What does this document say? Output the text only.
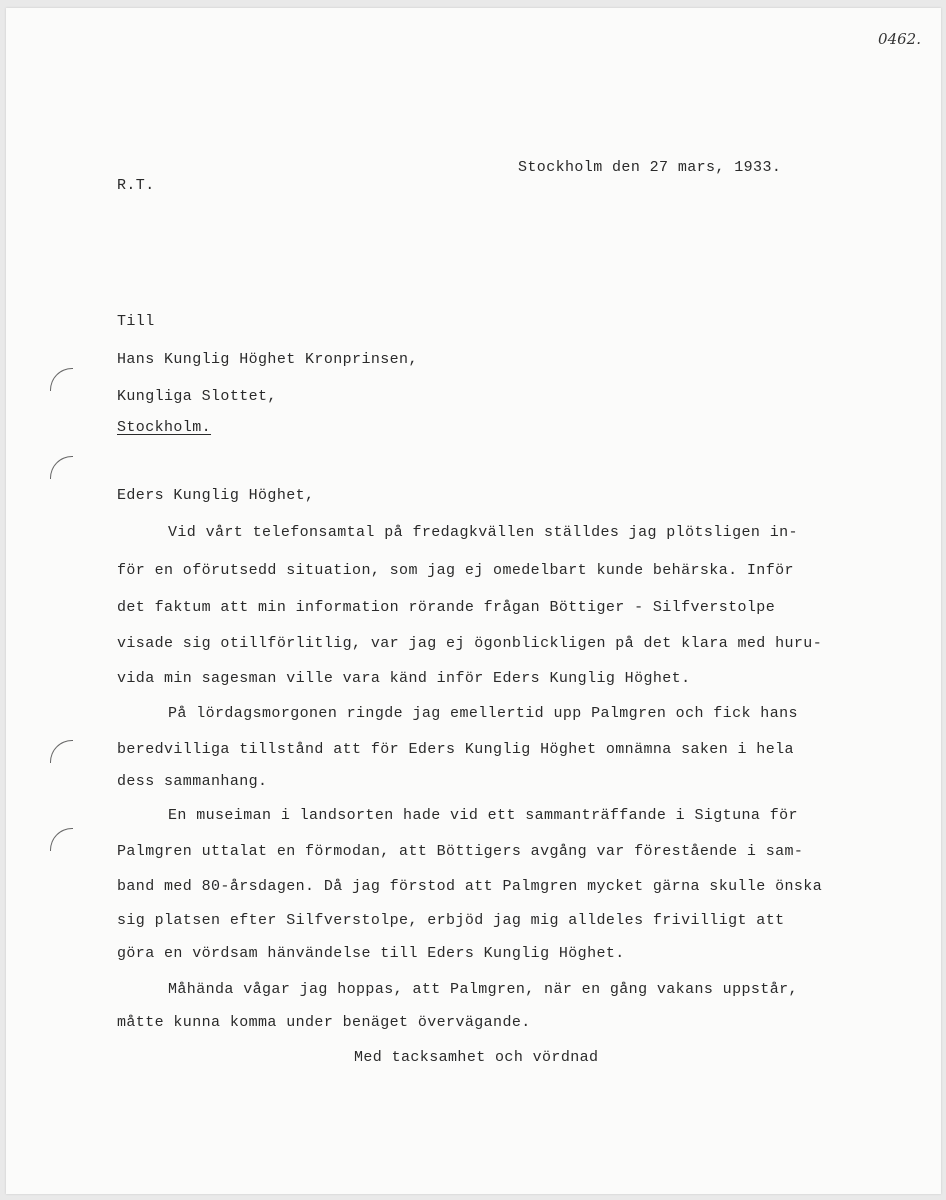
0462.
Stockholm den 27 mars, 1933.
R.T.
Till
Hans Kunglig Höghet Kronprinsen,
Kungliga Slottet,
Stockholm.
Eders Kunglig Höghet,
Vid vårt telefonsamtal på fredagkvällen ställdes jag plötsligen in-
för en oförutsedd situation, som jag ej omedelbart kunde behärska. Inför
det faktum att min information rörande frågan Böttiger - Silfverstolpe
visade sig otillförlitlig, var jag ej ögonblickligen på det klara med huru-
vida min sagesman ville vara känd inför Eders Kunglig Höghet.
På lördagsmorgonen ringde jag emellertid upp Palmgren och fick hans
beredvilliga tillstånd att för Eders Kunglig Höghet omnämna saken i hela
dess sammanhang.
En museiman i landsorten hade vid ett sammanträffande i Sigtuna för
Palmgren uttalat en förmodan, att Böttigers avgång var förestående i sam-
band med 80-årsdagen. Då jag förstod att Palmgren mycket gärna skulle önska
sig platsen efter Silfverstolpe, erbjöd jag mig alldeles frivilligt att
göra en vördsam hänvändelse till Eders Kunglig Höghet.
Måhända vågar jag hoppas, att Palmgren, när en gång vakans uppstår,
måtte kunna komma under benäget övervägande.
Med tacksamhet och vördnad
